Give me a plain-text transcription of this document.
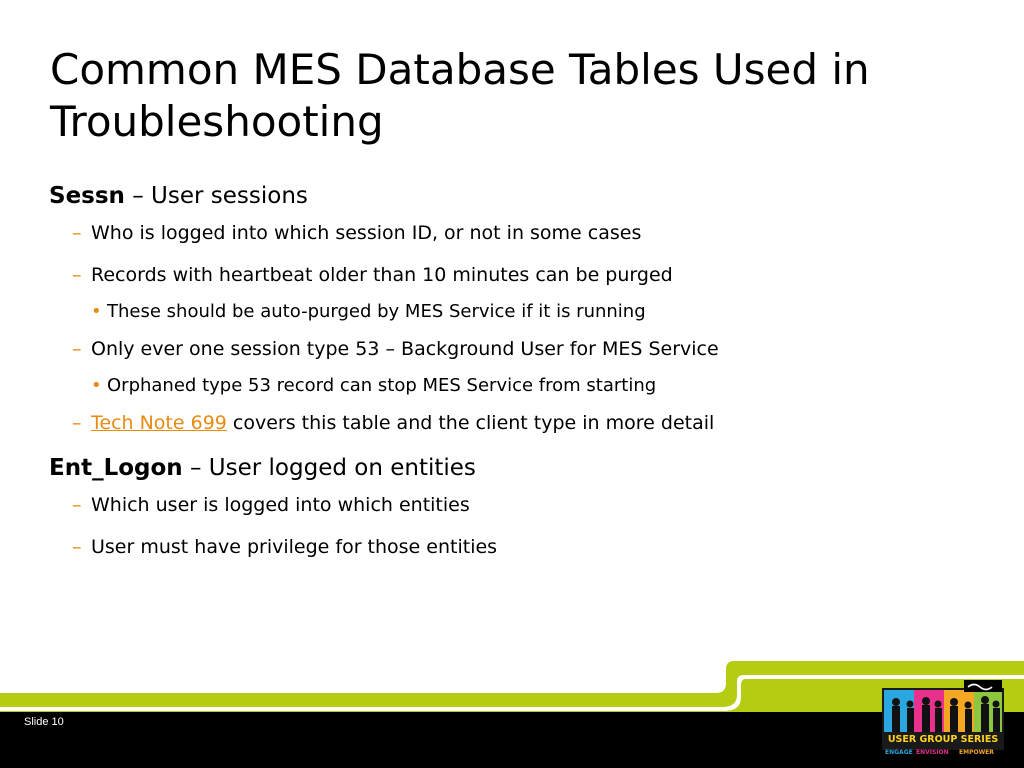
Common MES Database Tables Used in Troubleshooting
Sessn – User sessions
– Who is logged into which session ID, or not in some cases
– Records with heartbeat older than 10 minutes can be purged
• These should be auto-purged by MES Service if it is running
– Only ever one session type 53 – Background User for MES Service
• Orphaned type 53 record can stop MES Service from starting
– Tech Note 699 covers this table and the client type in more detail
Ent_Logon – User logged on entities
– Which user is logged into which entities
– User must have privilege for those entities
Slide 10
USER GROUP SERIES
ENGAGE ENVISION EMPOWER
